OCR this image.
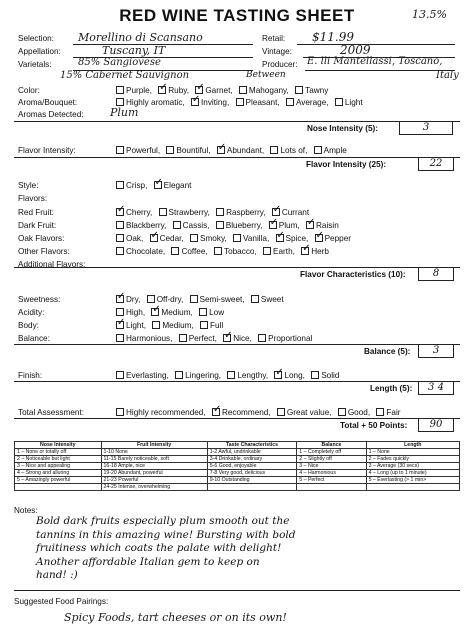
RED WINE TASTING SHEET	13.5%
Selection: Morellino di Scansano
Appellation:	Tuscany, IT
Varietals:	85% Sangiovese
15% Cabernet Sauvignon
Retail: $11.99
Vintage:	2009
Producer: E. lli Mantellassi, Toscano,
Italy
Color:
Between
Purple, ✓ Ruby, ✓ Garnet, Mahogany, Tawny
Aroma/Bouquet:	Highly aromatic, ✓ Inviting, Pleasant, Average, Light
Aromas Detected: Plum
Nose Intensity (5):	3
Flavor Intensity:	Powerful, Bountiful, ✓ Abundant, Lots of, Ample
Flavor Intensity (25):	22
Style:	Crisp, ✓ Elegant
Flavors:
Red Fruit:	✓ Cherry, Strawberry, Raspberry, ✓ Currant
Dark Fruit:	Blackberry, Cassis, Blueberry, ✓ Plum, ✓ Raisin
Oak Flavors:	Oak, ✓ Cedar, Smoky, Vanilla, ✓ Spice, ✓ Pepper
Other Flavors:	Chocolate, Coffee, Tobacco, Earth, ✓ Herb
Additional Flavors:
Flavor Characteristics (10):	8
Sweetness:	✓ Dry, Off-dry, Semi-sweet, Sweet
Acidity:	High, ✓ Medium, Low
Body:	✓ Light, Medium, Full
Balance:	Harmonious, Perfect, ✓ Nice, Proportional
Balance (5):	3
Finish:	Everlasting, Lingering, Lengthy, ✓ Long, Solid
Length (5):	3 4
Total Assessment:	Highly recommended, ✓ Recommend, Great value, Good, Fair
Total + 50 Points:	90
Nose Intensity	Fruit Intensity	Taste Characteristics	Balance	Length
1 – None or totally off	1-10 None	1-2 Awful, undrinkable	1 – Completely off	1 – None
2 – Noticeable but light	11-15 Barely noticeable, soft	3-4 Drinkable, ordinary	2 – Slightly off	2 – Fades quickly
3 – Nice and appealing	16-18 Ample, nice	5-6 Good, enjoyable	3 – Nice	3 – Average (30 secs)
4 – Strong and alluring	19-20 Abundant, powerful	7-8 Very good, delicious	4 – Harmonious	4 – Long (up to 1 minute)
5 – Amazingly powerful	21-23 Powerful	9-10 Outstanding	5 – Perfect	5 – Everlasting (> 1 min>
	24-25 Intense, overwhelming			
Notes:
Bold dark fruits especially plum smooth out the
tannins in this amazing wine! Bursting with bold
fruitiness which coats the palate with delight!
Another affordable Italian gem to keep on
hand! :)
Suggested Food Pairings:
Spicy Foods, tart cheeses or on its own!
